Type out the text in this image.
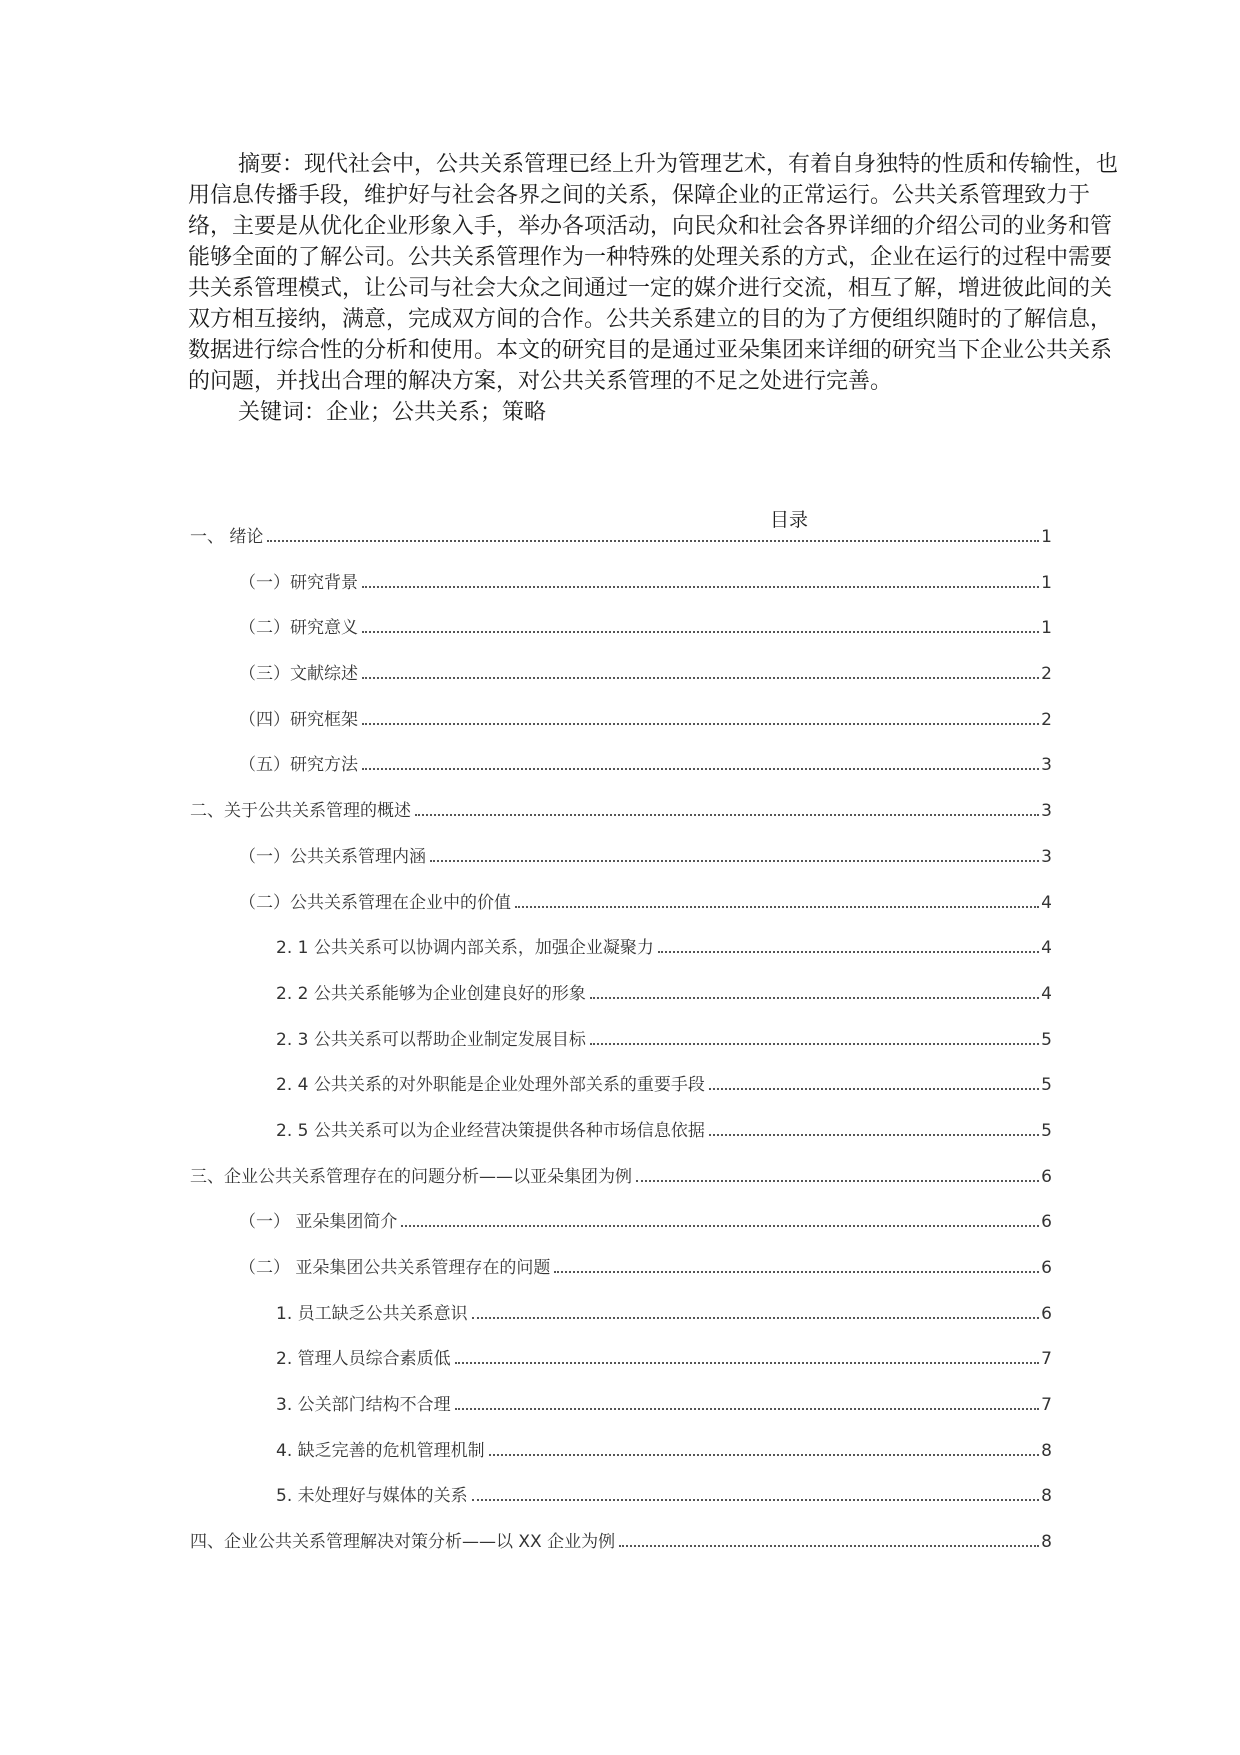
摘要：现代社会中，公共关系管理已经上升为管理艺术，有着自身独特的性质和传输性，也

用信息传播手段，维护好与社会各界之间的关系，保障企业的正常运行。公共关系管理致力于

络，主要是从优化企业形象入手，举办各项活动，向民众和社会各界详细的介绍公司的业务和管

能够全面的了解公司。公共关系管理作为一种特殊的处理关系的方式，企业在运行的过程中需要

共关系管理模式，让公司与社会大众之间通过一定的媒介进行交流，相互了解，增进彼此间的关

双方相互接纳，满意，完成双方间的合作。公共关系建立的目的为了方便组织随时的了解信息，

数据进行综合性的分析和使用。本文的研究目的是通过亚朵集团来详细的研究当下企业公共关系

的问题，并找出合理的解决方案，对公共关系管理的不足之处进行完善。

关键词：企业；公共关系；策略

目录
一、 绪论	1
（一）研究背景	1
（二）研究意义	1
（三）文献综述	2
（四）研究框架	2
（五）研究方法	3
二、关于公共关系管理的概述	3
（一）公共关系管理内涵	3
（二）公共关系管理在企业中的价值	4
2. 1 公共关系可以协调内部关系，加强企业凝聚力	4
2. 2 公共关系能够为企业创建良好的形象	4
2. 3 公共关系可以帮助企业制定发展目标	5
2. 4 公共关系的对外职能是企业处理外部关系的重要手段	5
2. 5 公共关系可以为企业经营决策提供各种市场信息依据	5
三、企业公共关系管理存在的问题分析——以亚朵集团为例	6
（一） 亚朵集团简介	6
（二） 亚朵集团公共关系管理存在的问题	6
1. 员工缺乏公共关系意识	6
2. 管理人员综合素质低	7
3. 公关部门结构不合理	7
4. 缺乏完善的危机管理机制	8
5. 未处理好与媒体的关系	8
四、企业公共关系管理解决对策分析——以 XX 企业为例	8
